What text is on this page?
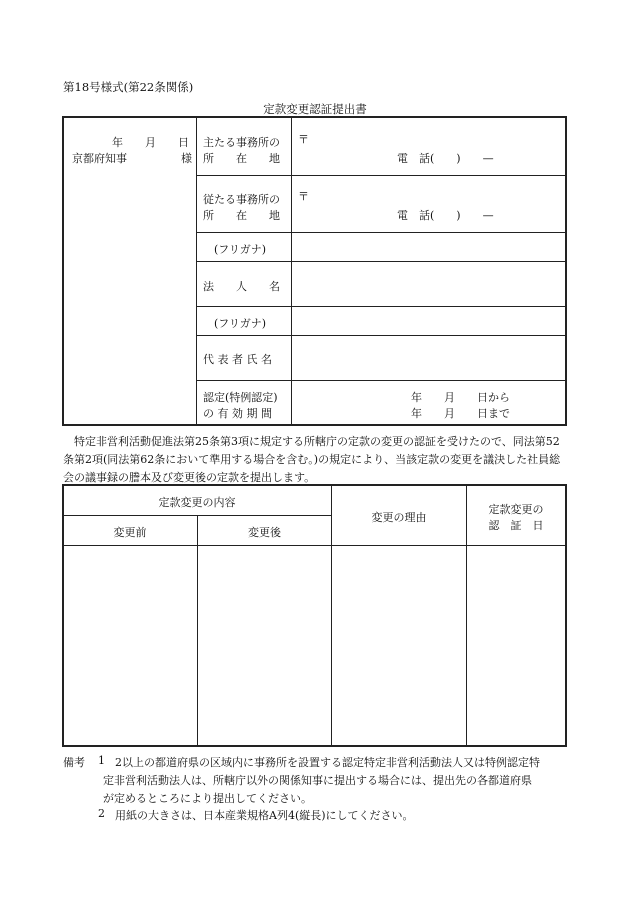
第18号様式(第22条関係)
定款変更認証提出書
年　　月　　日
京都府知事	様
主たる事務所の
所　　在　　地
〒
電　話(　　)　　—
従たる事務所の
所　　在　　地
〒
電　話(　　)　　—
(フリガナ)
法　　人　　名
(フリガナ)
代 表 者 氏 名
認定(特例認定)
の 有 効 期 間
年　　月　　日から
年　　月　　日まで
特定非営利活動促進法第25条第3項に規定する所轄庁の定款の変更の認証を受けたので、同法第52条第2項(同法第62条において準用する場合を含む。)の規定により、当該定款の変更を議決した社員総会の議事録の謄本及び変更後の定款を提出します。
定款変更の内容
変更前	変更後
変更の理由
定款変更の
認　証　日
備考 1 2以上の都道府県の区域内に事務所を設置する認定特定非営利活動法人又は特例認定特
定非営利活動法人は、所轄庁以外の関係知事に提出する場合には、提出先の各都道府県
が定めるところにより提出してください。
2 用紙の大きさは、日本産業規格A列4(縦長)にしてください。
